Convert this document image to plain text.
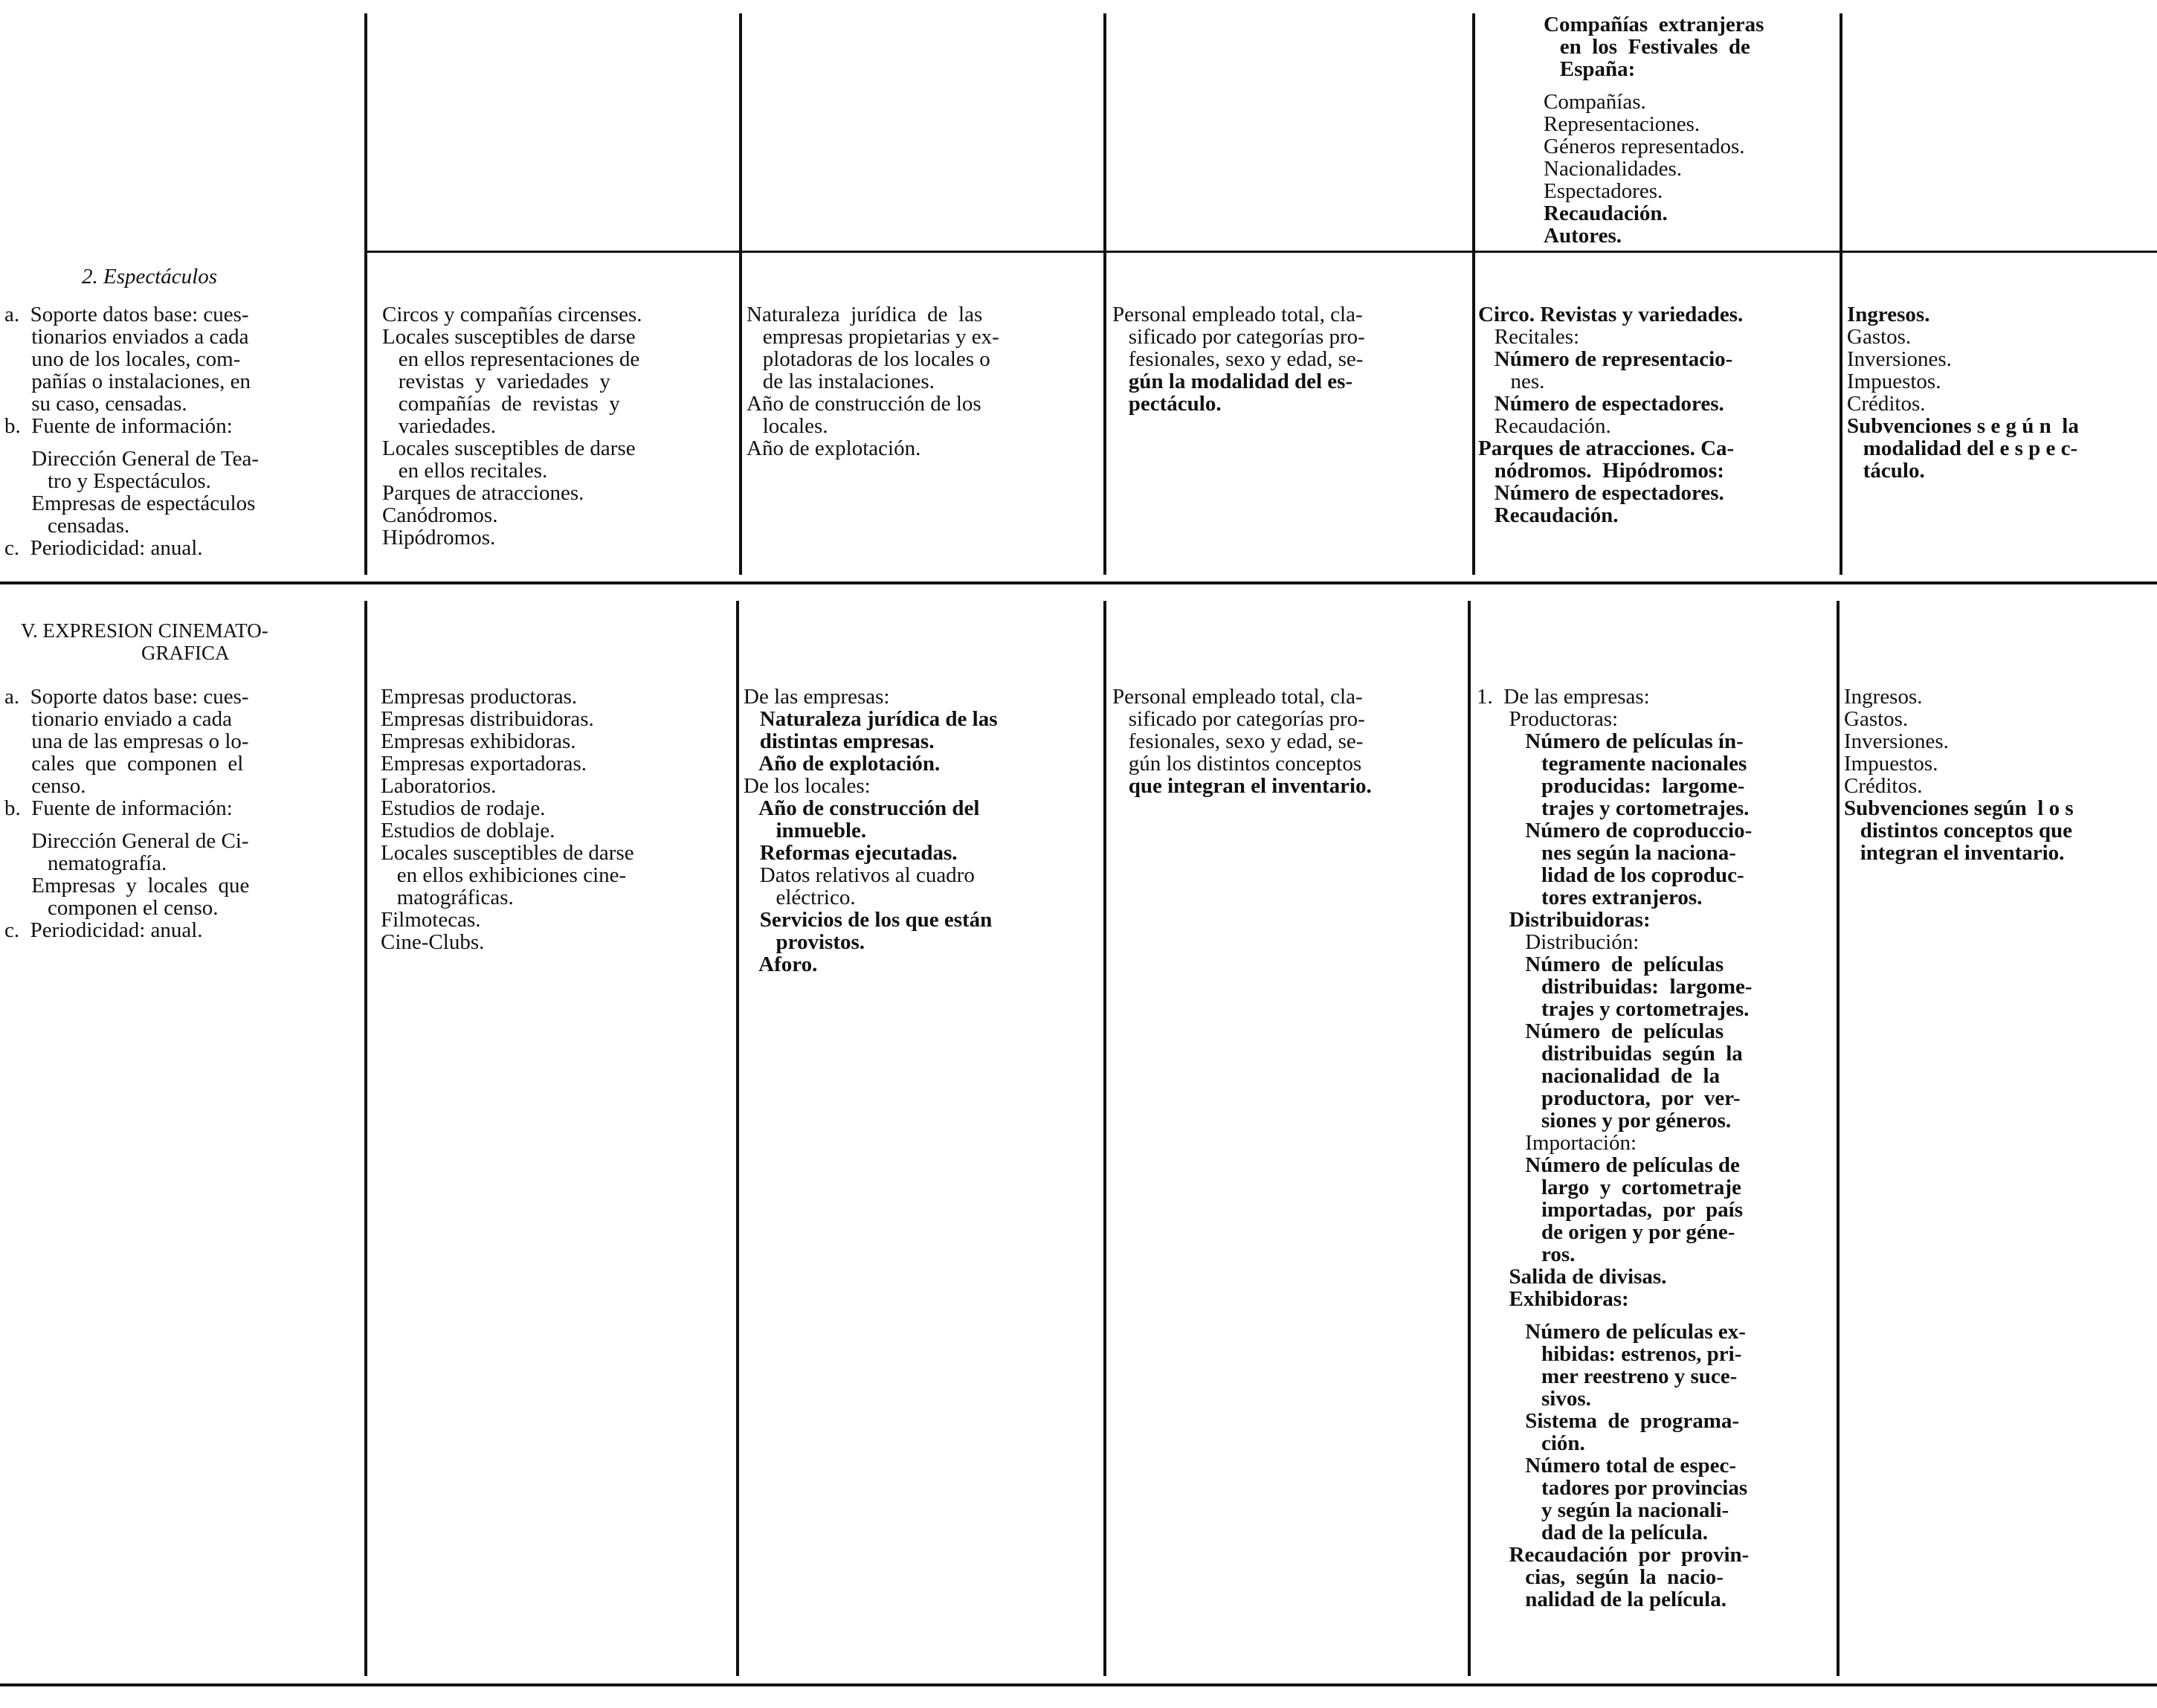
Compañías  extranjeras
en  los  Festivales  de
España:
Compañías.
Representaciones.
Géneros representados.
Nacionalidades.
Espectadores.
Recaudación.
Autores.
2. Espectáculos
a.  Soporte datos base: cues-
tionarios enviados a cada
uno de los locales, com-
pañías o instalaciones, en
su caso, censadas.
b.  Fuente de información:
Dirección General de Tea-
tro y Espectáculos.
Empresas de espectáculos
censadas.
c.  Periodicidad: anual.
Circos y compañías circenses.
Locales susceptibles de darse
en ellos representaciones de
revistas  y  variedades  y
compañías  de  revistas  y
variedades.
Locales susceptibles de darse
en ellos recitales.
Parques de atracciones.
Canódromos.
Hipódromos.
Naturaleza  jurídica  de  las
empresas propietarias y ex-
plotadoras de los locales o
de las instalaciones.
Año de construcción de los
locales.
Año de explotación.
Personal empleado total, cla-
sificado por categorías pro-
fesionales, sexo y edad, se-
gún la modalidad del es-
pectáculo.
Circo. Revistas y variedades.
Recitales:
Número de representacio-
nes.
Número de espectadores.
Recaudación.
Parques de atracciones. Ca-
nódromos.  Hipódromos:
Número de espectadores.
Recaudación.
Ingresos.
Gastos.
Inversiones.
Impuestos.
Créditos.
Subvenciones s e g ú n  la
modalidad del e s p e c-
táculo.
V. EXPRESION CINEMATO-
GRAFICA
a.  Soporte datos base: cues-
tionario enviado a cada
una de las empresas o lo-
cales  que  componen  el
censo.
b.  Fuente de información:
Dirección General de Ci-
nematografía.
Empresas  y  locales  que
componen el censo.
c.  Periodicidad: anual.
Empresas productoras.
Empresas distribuidoras.
Empresas exhibidoras.
Empresas exportadoras.
Laboratorios.
Estudios de rodaje.
Estudios de doblaje.
Locales susceptibles de darse
en ellos exhibiciones cine-
matográficas.
Filmotecas.
Cine-Clubs.
De las empresas:
Naturaleza jurídica de las
distintas empresas.
Año de explotación.
De los locales:
Año de construcción del
inmueble.
Reformas ejecutadas.
Datos relativos al cuadro
eléctrico.
Servicios de los que están
provistos.
Aforo.
Personal empleado total, cla-
sificado por categorías pro-
fesionales, sexo y edad, se-
gún los distintos conceptos
que integran el inventario.
1.  De las empresas:
Productoras:
Número de películas ín-
tegramente nacionales
producidas:  largome-
trajes y cortometrajes.
Número de coproduccio-
nes según la naciona-
lidad de los coproduc-
tores extranjeros.
Distribuidoras:
Distribución:
Número  de  películas
distribuidas:  largome-
trajes y cortometrajes.
Número  de  películas
distribuidas  según  la
nacionalidad  de  la
productora,  por  ver-
siones y por géneros.
Importación:
Número de películas de
largo  y  cortometraje
importadas,  por  país
de origen y por géne-
ros.
Salida de divisas.
Exhibidoras:
Número de películas ex-
hibidas: estrenos, pri-
mer reestreno y suce-
sivos.
Sistema  de  programa-
ción.
Número total de espec-
tadores por provincias
y según la nacionali-
dad de la película.
Recaudación  por  provin-
cias,  según  la  nacio-
nalidad de la película.
Ingresos.
Gastos.
Inversiones.
Impuestos.
Créditos.
Subvenciones según  l o s
distintos conceptos que
integran el inventario.
